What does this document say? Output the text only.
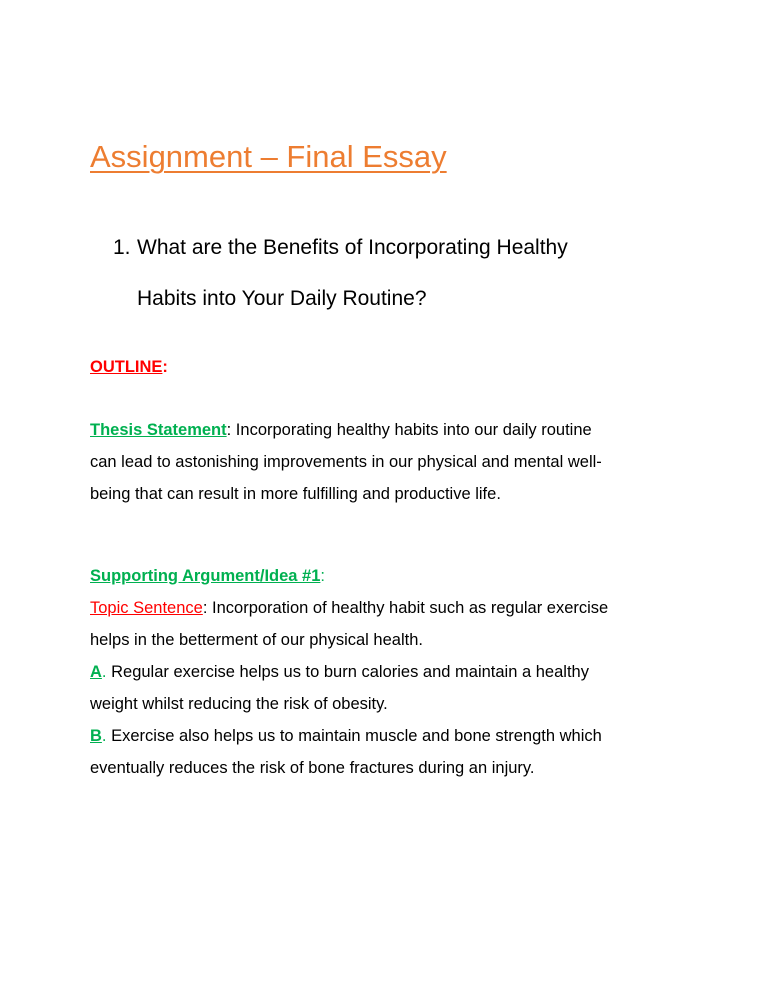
Assignment – Final Essay
1. What are the Benefits of Incorporating Healthy
Habits into Your Daily Routine?
OUTLINE:
Thesis Statement: Incorporating healthy habits into our daily routine
can lead to astonishing improvements in our physical and mental well-
being that can result in more fulfilling and productive life.
Supporting Argument/Idea #1:
Topic Sentence: Incorporation of healthy habit such as regular exercise
helps in the betterment of our physical health.
A. Regular exercise helps us to burn calories and maintain a healthy
weight whilst reducing the risk of obesity.
B. Exercise also helps us to maintain muscle and bone strength which
eventually reduces the risk of bone fractures during an injury.
